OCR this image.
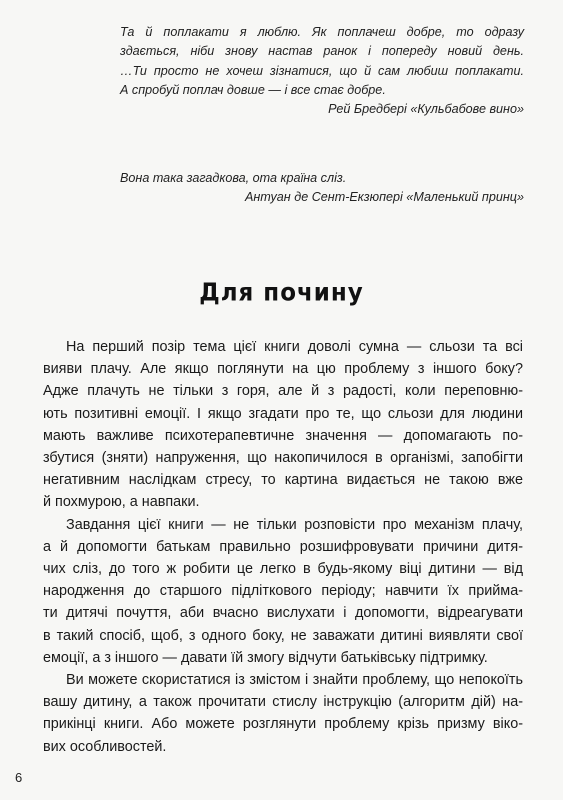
Та й поплакати я люблю. Як поплачеш добре, то одразу
здається, ніби знову настав ранок і попереду новий день.
…Ти просто не хочеш зізнатися, що й сам любиш поплакати.
А спробуй поплач довше — і все стає добре.
Рей Бредбері «Кульбабове вино»
Вона така загадкова, ота країна сліз.
Антуан де Сент-Екзюпері «Маленький принц»
Для почину
На перший позір тема цієї книги доволі сумна — сльози та всі
вияви плачу. Але якщо поглянути на цю проблему з іншого боку?
Адже плачуть не тільки з горя, але й з радості, коли переповню-
ють позитивні емоції. І якщо згадати про те, що сльози для людини
мають важливе психотерапевтичне значення — допомагають по-
збутися (зняти) напруження, що накопичилося в організмі, запобігти
негативним наслідкам стресу, то картина видається не такою вже
й похмурою, а навпаки.
Завдання цієї книги — не тільки розповісти про механізм плачу,
а й допомогти батькам правильно розшифровувати причини дитя-
чих сліз, до того ж робити це легко в будь-якому віці дитини — від
народження до старшого підліткового періоду; навчити їх прийма-
ти дитячі почуття, аби вчасно вислухати і допомогти, відреагувати
в такий спосіб, щоб, з одного боку, не заважати дитині виявляти свої
емоції, а з іншого — давати їй змогу відчути батьківську підтримку.
Ви можете скористатися із змістом і знайти проблему, що непокоїть
вашу дитину, а також прочитати стислу інструкцію (алгоритм дій) на-
прикінці книги. Або можете розглянути проблему крізь призму віко-
вих особливостей.
6
